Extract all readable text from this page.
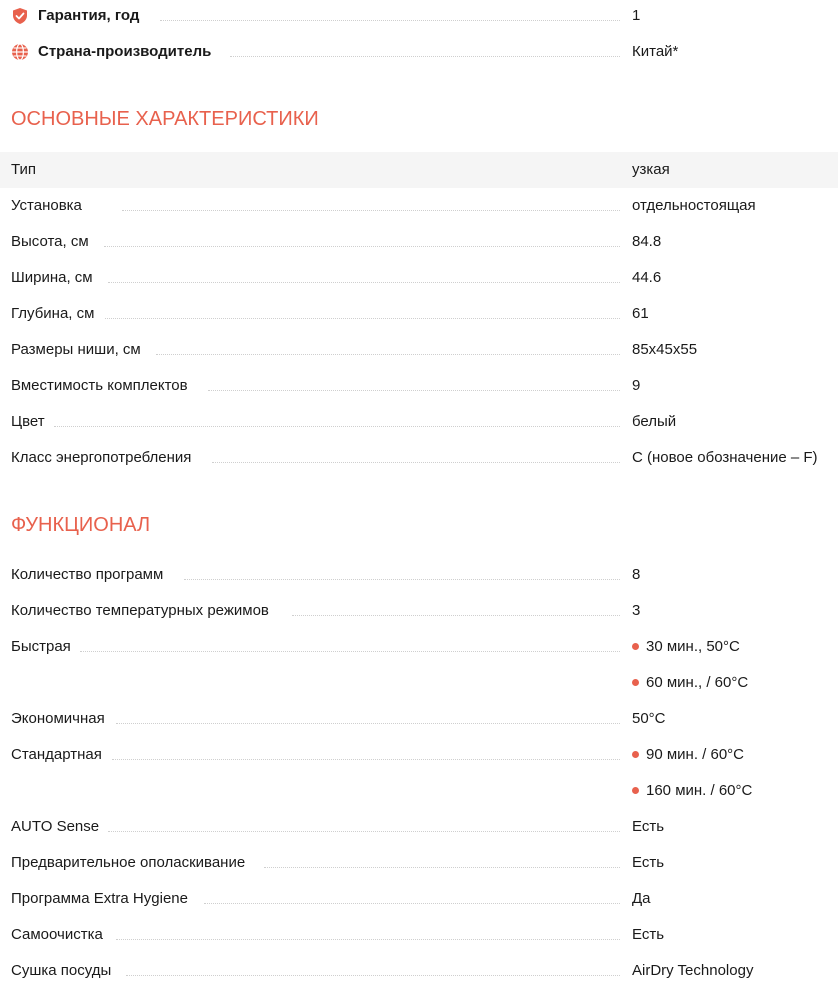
Гарантия, год	1
Страна-производитель	Китай*
ОСНОВНЫЕ ХАРАКТЕРИСТИКИ
Тип	узкая
Установка	отдельностоящая
Высота, см	84.8
Ширина, см	44.6
Глубина, см	61
Размеры ниши, см	85x45x55
Вместимость комплектов	9
Цвет	белый
Класс энергопотребления	C (новое обозначение – F)
ФУНКЦИОНАЛ
Количество программ	8
Количество температурных режимов	3
Быстрая	30 мин., 50°C
60 мин., / 60°C
Экономичная	50°C
Стандартная	90 мин. / 60°C
160 мин. / 60°C
AUTO Sense	Есть
Предварительное ополаскивание	Есть
Программа Extra Hygiene	Да
Самоочистка	Есть
Сушка посуды	AirDry Technology
